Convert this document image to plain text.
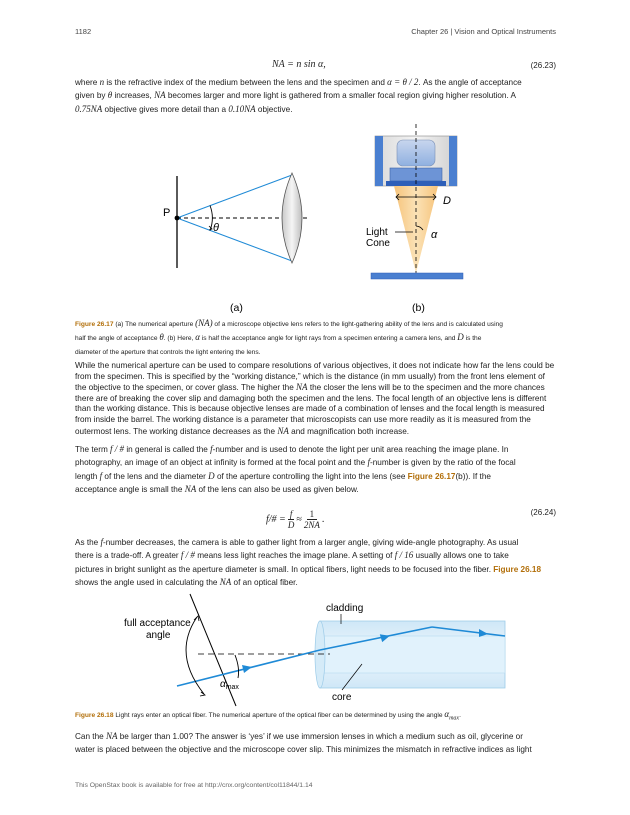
1182	Chapter 26 | Vision and Optical Instruments
NA = n sin α,	(26.23)
where n is the refractive index of the medium between the lens and the specimen and α = θ / 2. As the angle of acceptance
given by θ increases, NA becomes larger and more light is gathered from a smaller focal region giving higher resolution. A
0.75NA objective gives more detail than a 0.10NA objective.
P
θ
(a)
D
α
Light
Cone
(b)
Figure 26.17 (a) The numerical aperture (NA) of a microscope objective lens refers to the light-gathering ability of the lens and is calculated using
half the angle of acceptance θ. (b) Here, α is half the acceptance angle for light rays from a specimen entering a camera lens, and D is the
diameter of the aperture that controls the light entering the lens.
While the numerical aperture can be used to compare resolutions of various objectives, it does not indicate how far the lens could be from the specimen. This is specified by the “working distance,” which is the distance (in mm usually) from the front lens element of the objective to the specimen, or cover glass. The higher the NA the closer the lens will be to the specimen and the more chances there are of breaking the cover slip and damaging both the specimen and the lens. The focal length of an objective lens is different than the working distance. This is because objective lenses are made of a combination of lenses and the focal length is measured from inside the barrel. The working distance is a parameter that microscopists can use more readily as it is measured from the outermost lens. The working distance decreases as the NA and magnification both increase.
The term f / # in general is called the f-number and is used to denote the light per unit area reaching the image plane. In
photography, an image of an object at infinity is formed at the focal point and the f-number is given by the ratio of the focal
length f of the lens and the diameter D of the aperture controlling the light into the lens (see Figure 26.17(b)). If the
acceptance angle is small the NA of the lens can also be used as given below.
f/# = $\frac{f}{D} \approx \frac{1}{2NA}$ .
(26.24)
As the f-number decreases, the camera is able to gather light from a larger angle, giving wide-angle photography. As usual
there is a trade-off. A greater f / # means less light reaches the image plane. A setting of f / 16 usually allows one to take
pictures in bright sunlight as the aperture diameter is small. In optical fibers, light needs to be focused into the fiber. Figure 26.18
shows the angle used in calculating the NA of an optical fiber.
full acceptance
angle
cladding
core
$\alpha_{max}$
Figure 26.18 Light rays enter an optical fiber. The numerical aperture of the optical fiber can be determined by using the angle $\alpha_{max}$.
Can the NA be larger than 1.00? The answer is ‘yes’ if we use immersion lenses in which a medium such as oil, glycerine or
water is placed between the objective and the microscope cover slip. This minimizes the mismatch in refractive indices as light
This OpenStax book is available for free at http://cnx.org/content/col11844/1.14
